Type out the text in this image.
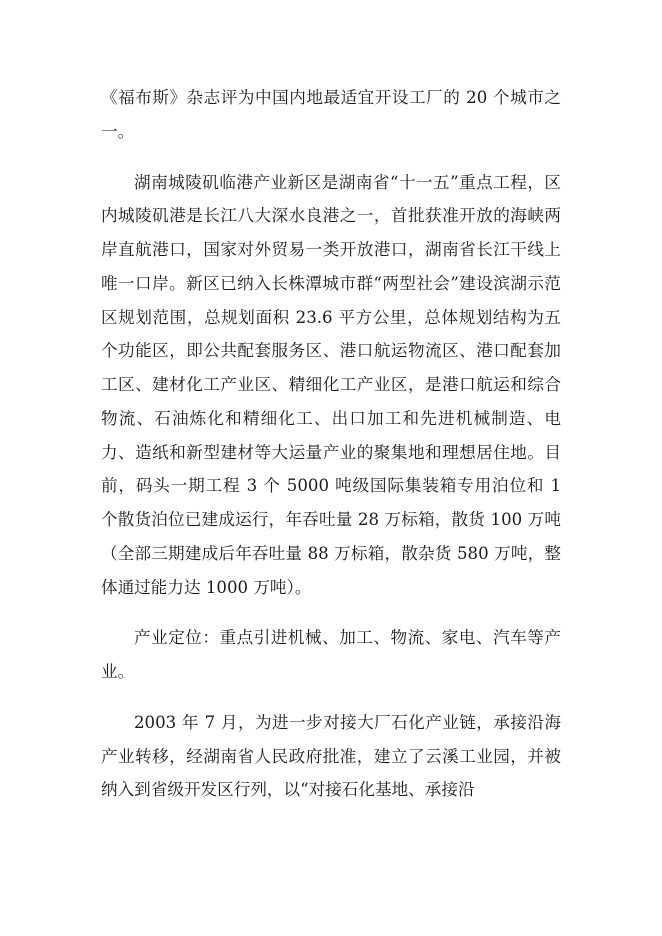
《福布斯》杂志评为中国内地最适宜开设工厂的 20 个城市之一。

湖南城陵矶临港产业新区是湖南省“十一五”重点工程，区内城陵矶港是长江八大深水良港之一，首批获准开放的海峡两岸直航港口，国家对外贸易一类开放港口，湖南省长江干线上唯一口岸。新区已纳入长株潭城市群“两型社会”建设滨湖示范区规划范围，总规划面积 23.6 平方公里，总体规划结构为五个功能区，即公共配套服务区、港口航运物流区、港口配套加工区、建材化工产业区、精细化工产业区，是港口航运和综合物流、石油炼化和精细化工、出口加工和先进机械制造、电力、造纸和新型建材等大运量产业的聚集地和理想居住地。目前，码头一期工程 3 个 5000 吨级国际集装箱专用泊位和 1 个散货泊位已建成运行，年吞吐量 28 万标箱，散货 100 万吨（全部三期建成后年吞吐量 88 万标箱，散杂货 580 万吨，整体通过能力达 1000 万吨）。

产业定位：重点引进机械、加工、物流、家电、汽车等产业。

2003 年 7 月，为进一步对接大厂石化产业链，承接沿海产业转移，经湖南省人民政府批准，建立了云溪工业园，并被纳入到省级开发区行列，以“对接石化基地、承接沿
